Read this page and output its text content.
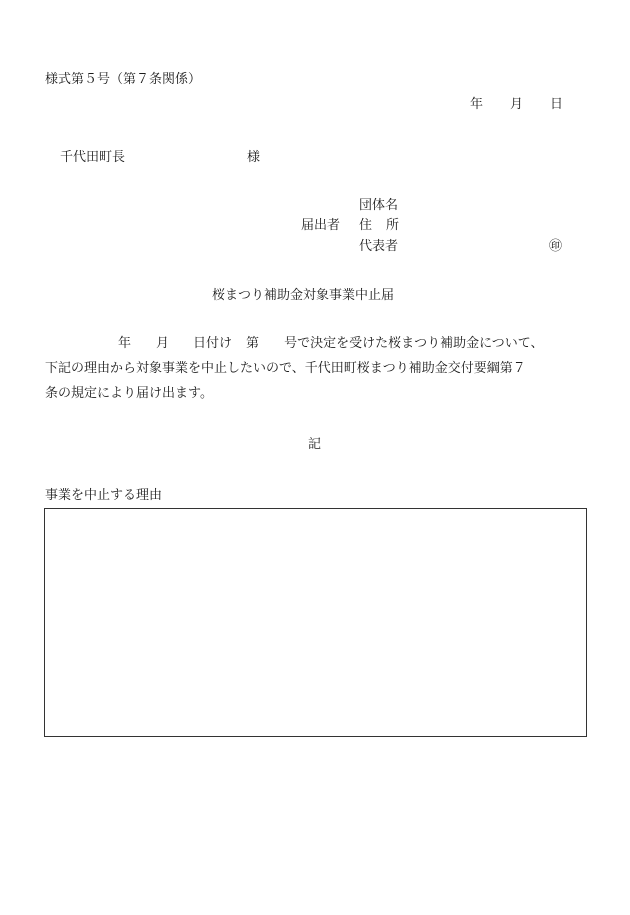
様式第５号（第７条関係）
年 月 日
千代田町長	様
団体名
届出者 住 所
代表者	㊞
桜まつり補助金対象事業中止届
年 月 日付け 第 号で決定を受けた桜まつり補助金について、
下記の理由から対象事業を中止したいので、千代田町桜まつり補助金交付要綱第７
条の規定により届け出ます。
記
事業を中止する理由
